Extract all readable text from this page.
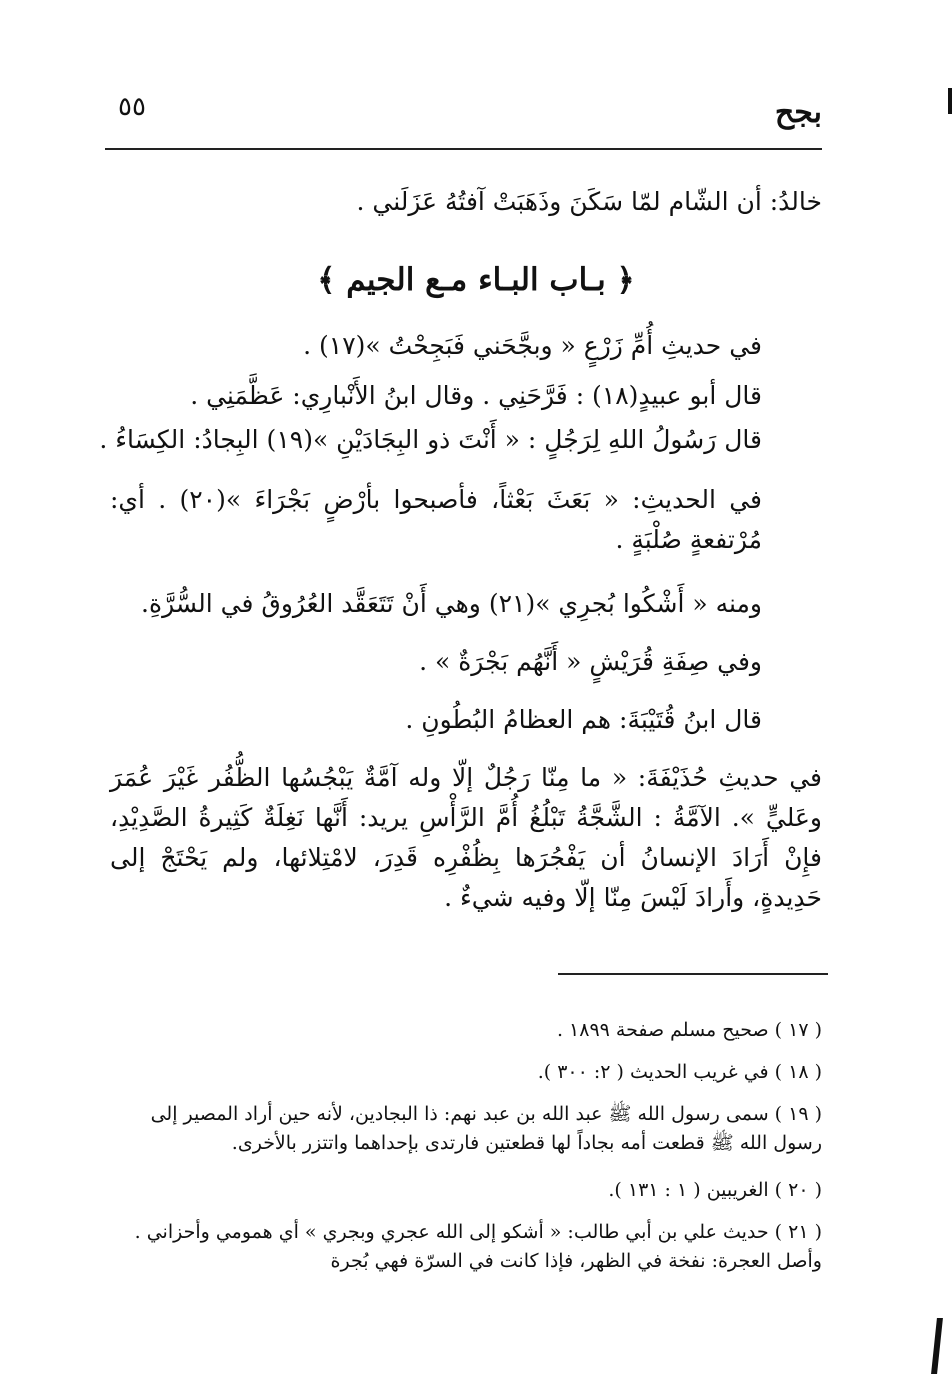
بجح
٥٥
خالدُ: أن الشّام لمّا سَكَنَ وذَهَبَتْ آفتُهُ عَزَلَني .
﴿ بـاب البـاء مـع الجيم ﴾
في حديثِ أُمِّ زَرْعٍ « وبجَّحَني فَبَجِحْتُ »(١٧) .
قال أبو عبيدٍ(١٨) : فَرَّحَنِي . وقال ابنُ الأَنْبارِي: عَظَّمَنِي .
قال رَسُولُ اللهِ لِرَجُلٍ : « أَنْتَ ذو البِجَادَيْنِ »(١٩) البِجادُ: الكِسَاءُ .
في الحديثِ: « بَعَثَ بَعْثاً، فأصبحوا بأرْضٍ بَجْرَاءَ »(٢٠) . أي: مُرْتفعةٍ صُلْبَةٍ .
ومنه « أَشْكُوا بُجرِي »(٢١) وهي أَنْ تَتَعَقَّد العُرُوقُ في السُّرَّةِ.
وفي صِفَةِ قُرَيْشٍ « أَنَّهُم بَجْرَةٌ » .
قال ابنُ قُتَيْبَةَ: هم العظامُ البُطُونِ .
في حديثِ حُذَيْفَةَ: « ما مِنّا رَجُلٌ إلّا وله آمَّةٌ يَبْجُسُها الظُّفُر غَيْرَ عُمَرَ وعَليٍّ ». الآمَّةُ : الشَّجَّةُ تَبْلُغُ أُمَّ الرَّأْسِ يريد: أَنَّها نَغِلَةٌ كَثِيرةُ الصَّدِيْدِ، فإِنْ أَرَادَ الإنسانُ أن يَفْجُرَها بِظُفْرِه قَدِرَ، لامْتِلائها، ولم يَحْتَجْ إلى حَدِيدةٍ، وأَرادَ لَيْسَ مِنّا إلّا وفيه شيءٌ .
( ١٧ ) صحيح مسلم صفحة ١٨٩٩ .
( ١٨ ) في غريب الحديث ( ٢: ٣٠٠ ).
( ١٩ ) سمى رسول الله ﷺ عبد الله بن عبد نهم: ذا البجادين، لأنه حين أراد المصير إلى رسول الله ﷺ قطعت أمه بجاداً لها قطعتين فارتدى بإحداهما واتتزر بالأخرى.
( ٢٠ ) الغريبين ( ١ : ١٣١ ).
( ٢١ ) حديث علي بن أبي طالب: « أشكو إلى الله عجري وبجري » أي همومي وأحزاني . وأصل العجرة: نفخة في الظهر، فإذا كانت في السرّة فهي بُجرة
